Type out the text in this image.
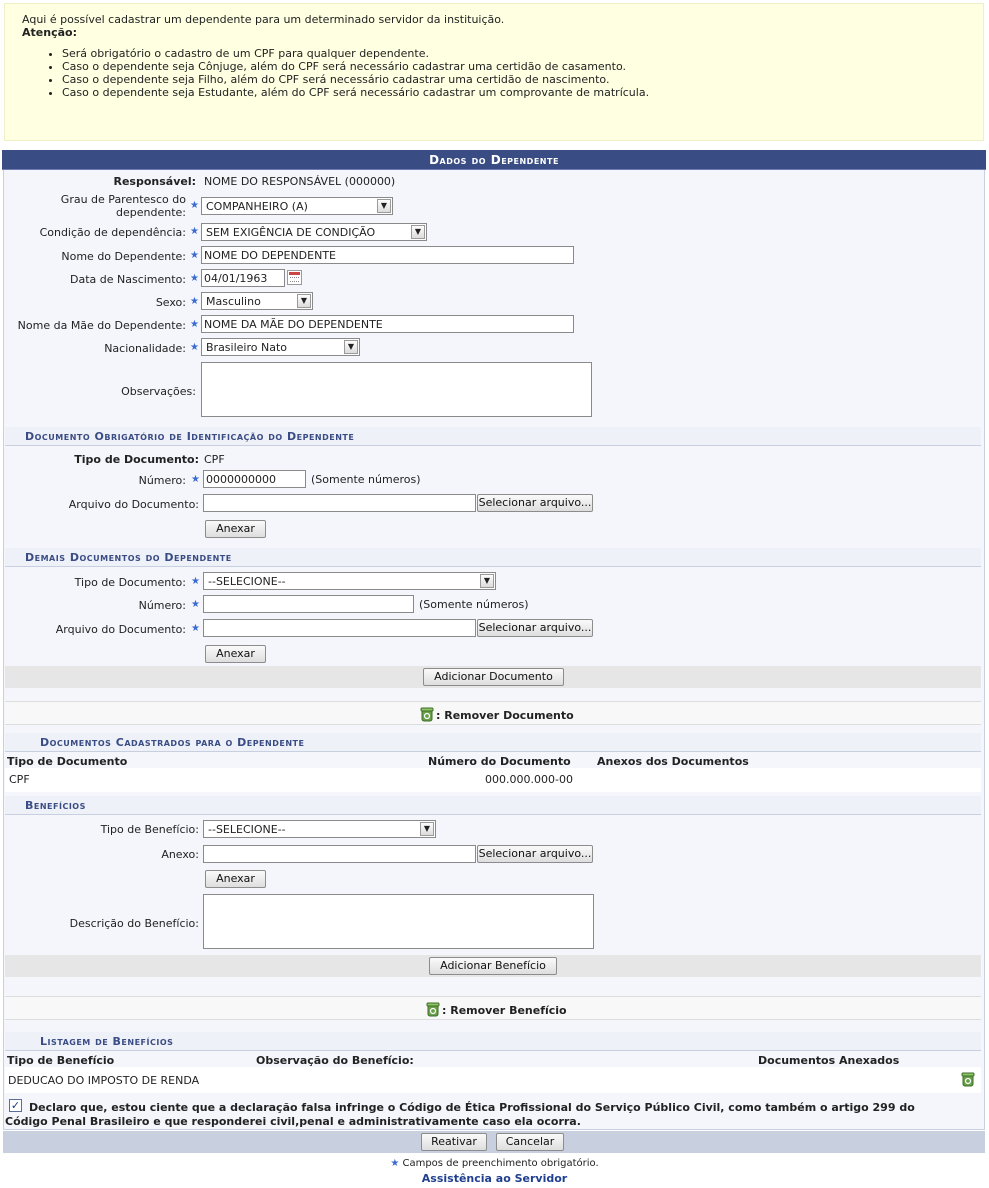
Aqui é possível cadastrar um dependente para um determinado servidor da instituição.
Atenção:
• Será obrigatório o cadastro de um CPF para qualquer dependente.
• Caso o dependente seja Cônjuge, além do CPF será necessário cadastrar uma certidão de casamento.
• Caso o dependente seja Filho, além do CPF será necessário cadastrar uma certidão de nascimento.
• Caso o dependente seja Estudante, além do CPF será necessário cadastrar um comprovante de matrícula.
Dados do Dependente
Responsável: NOME DO RESPONSÁVEL (000000)
Grau de Parentesco do
dependente:
★ COMPANHEIRO (A)	▼
Condição de dependência: ★ SEM EXIGÊNCIA DE CONDIÇÃO	▼
Nome do Dependente: ★ NOME DO DEPENDENTE
Data de Nascimento: ★ 04/01/1963
Sexo: ★ Masculino	▼
Nome da Mãe do Dependente: ★ NOME DA MÃE DO DEPENDENTE
Nacionalidade: ★ Brasileiro Nato	▼
Observações:
Documento Obrigatório de Identificação do Dependente
Tipo de Documento: CPF
Número: ★ 0000000000	(Somente números)
Arquivo do Documento:	Selecionar arquivo...
Anexar
Demais Documentos do Dependente
Tipo de Documento: ★ --SELECIONE--	▼
Número: ★	(Somente números)
Arquivo do Documento: ★	Selecionar arquivo...
Anexar
Adicionar Documento
: Remover Documento
Documentos Cadastrados para o Dependente
Tipo de Documento	Número do Documento Anexos dos Documentos
CPF	000.000.000-00
Benefícios
Tipo de Benefício: --SELECIONE--	▼
Anexo:	Selecionar arquivo...
Anexar
Descrição do Benefício:
Adicionar Benefício
: Remover Benefício
Listagem de Benefícios
Tipo de Benefício	Observação do Benefício:	Documentos Anexados
DEDUCAO DO IMPOSTO DE RENDA
✓ Declaro que, estou ciente que a declaração falsa infringe o Código de Ética Profissional do Serviço Público Civil, como também o artigo 299 do
Código Penal Brasileiro e que responderei civil,penal e administrativamente caso ela ocorra.
Reativar	Cancelar
★ Campos de preenchimento obrigatório.
Assistência ao Servidor
